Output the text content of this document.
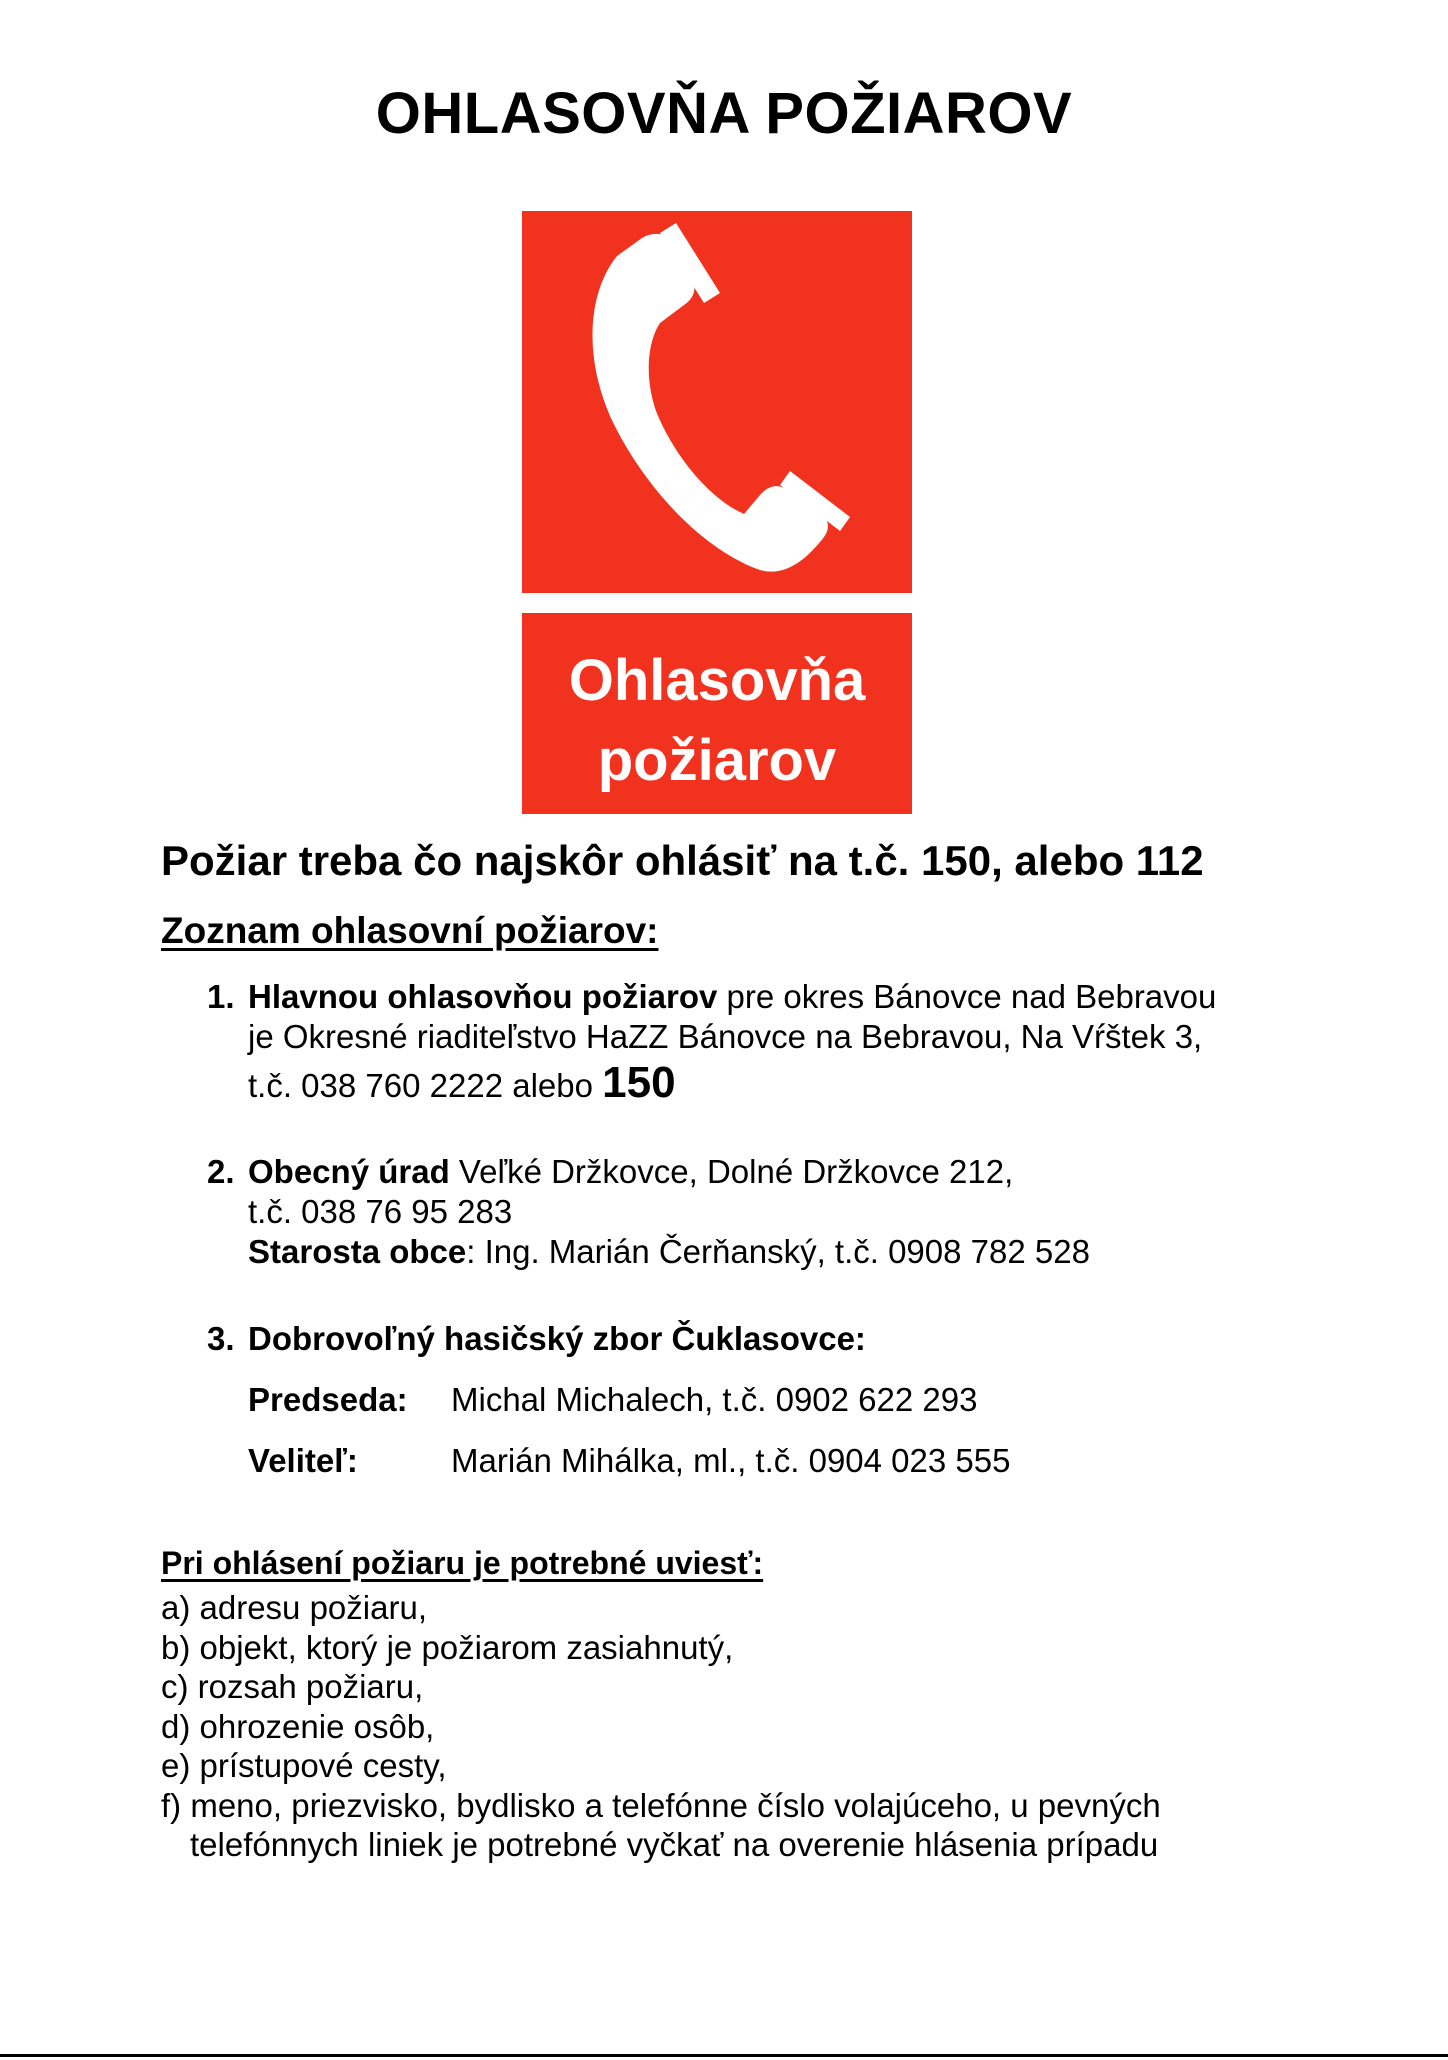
OHLASOVŇA POŽIAROV
Ohlasovňa
požiarov
Požiar treba čo najskôr ohlásiť na t.č. 150, alebo 112
Zoznam ohlasovní požiarov:
1. Hlavnou ohlasovňou požiarov pre okres Bánovce nad Bebravou
je Okresné riaditeľstvo HaZZ Bánovce na Bebravou, Na Vŕštek 3,
t.č. 038 760 2222 alebo 150
2. Obecný úrad Veľké Držkovce, Dolné Držkovce 212,
t.č. 038 76 95 283
Starosta obce: Ing. Marián Čerňanský, t.č. 0908 782 528
3. Dobrovoľný hasičský zbor Čuklasovce:
Predseda: Michal Michalech, t.č. 0902 622 293
Veliteľ:	Marián Mihálka, ml., t.č. 0904 023 555
Pri ohlásení požiaru je potrebné uviesť:
a) adresu požiaru,
b) objekt, ktorý je požiarom zasiahnutý,
c) rozsah požiaru,
d) ohrozenie osôb,
e) prístupové cesty,
f) meno, priezvisko, bydlisko a telefónne číslo volajúceho, u pevných
telefónnych liniek je potrebné vyčkať na overenie hlásenia prípadu
